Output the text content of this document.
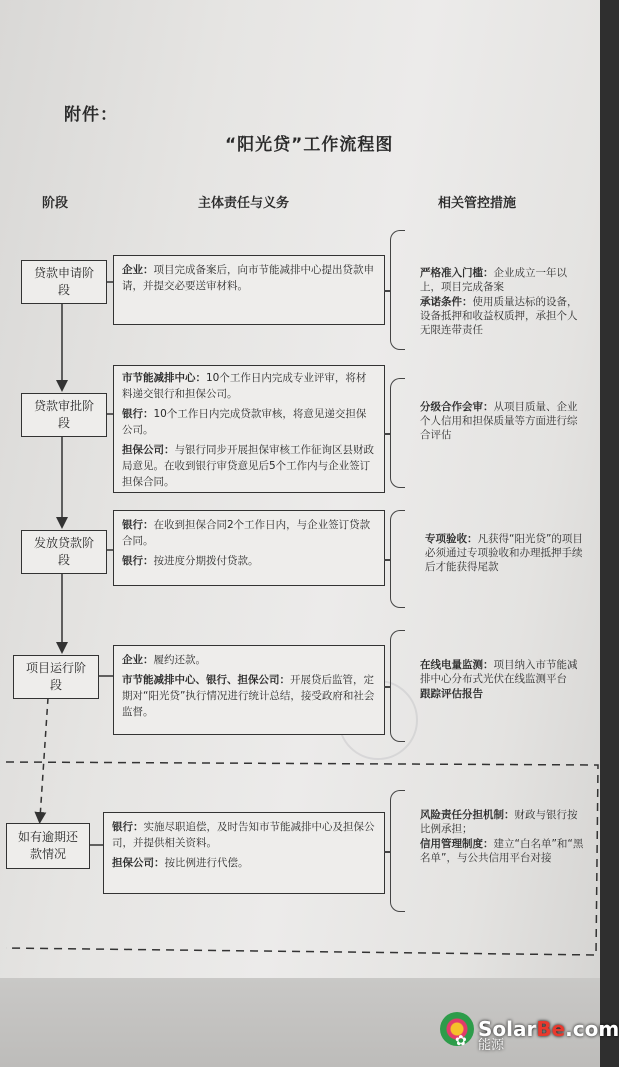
附件：
“阳光贷”工作流程图
阶段	主体责任与义务	相关管控措施
贷款申请阶段
贷款审批阶段
发放贷款阶段
项目运行阶段
如有逾期还款情况

企业：项目完成备案后，向市节能减排中心提出贷款申请，并提交必要送审材料。

市节能减排中心：10个工作日内完成专业评审，将材料递交银行和担保公司。

银行：10个工作日内完成贷款审核，将意见递交担保公司。

担保公司：与银行同步开展担保审核工作征询区县财政局意见。在收到银行审贷意见后5个工作内与企业签订担保合同。

银行：在收到担保合同2个工作日内，与企业签订贷款合同。

银行：按进度分期拨付贷款。

企业：履约还款。

市节能减排中心、银行、担保公司：开展贷后监管，定期对“阳光贷”执行情况进行统计总结，接受政府和社会监督。

银行：实施尽职追偿，及时告知市节能减排中心及担保公司，并提供相关资料。

担保公司：按比例进行代偿。

严格准入门槛：企业成立一年以上，项目完成备案

承诺条件：使用质量达标的设备，设备抵押和收益权质押，承担个人无限连带责任

分级合作会审：从项目质量、企业个人信用和担保质量等方面进行综合评估

专项验收：凡获得“阳光贷”的项目必须通过专项验收和办理抵押手续后才能获得尾款

在线电量监测：项目纳入市节能减排中心分布式光伏在线监测平台

跟踪评估报告

风险责任分担机制：财政与银行按比例承担；

信用管理制度：建立“白名单”和“黑名单”，与公共信用平台对接

SolarBe.com
✿ 能源
